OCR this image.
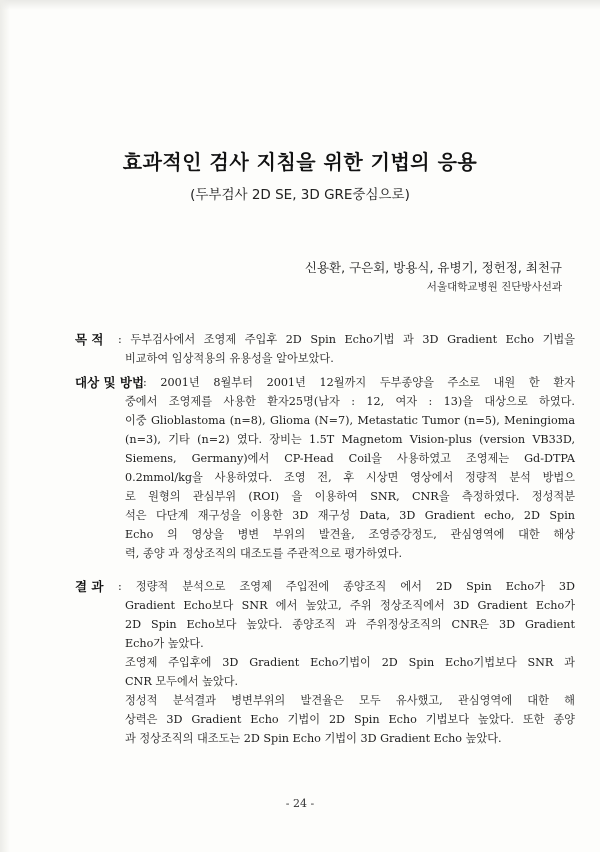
효과적인 검사 지침을 위한 기법의 응용
(두부검사 2D SE, 3D GRE중심으로)
신용환, 구은회, 방용식, 유병기, 정헌정, 최천규
서울대학교병원 진단방사선과
목 적 : 두부검사에서 조영제 주입후 2D Spin Echo기법 과 3D Gradient Echo 기법을
비교하여 임상적용의 유용성을 알아보았다.
대상 및 방법
: 2001년 8월부터 2001년 12월까지 두부종양을 주소로 내원 한 환자
중에서 조영제를 사용한 환자25명(남자 : 12, 여자 : 13)을 대상으로 하였다.
이중 Glioblastoma (n=8), Glioma (N=7), Metastatic Tumor (n=5), Meningioma
(n=3), 기타 (n=2) 였다. 장비는 1.5T Magnetom Vision-plus (version VB33D,
Siemens, Germany)에서 CP-Head Coil을 사용하였고 조영제는 Gd-DTPA
0.2mmol/kg을 사용하였다. 조영 전, 후 시상면 영상에서 정량적 분석 방법으
로 원형의 관심부위 (ROI) 을 이용하여 SNR, CNR을 측정하였다. 정성적분
석은 다단계 재구성을 이용한 3D 재구성 Data, 3D Gradient echo, 2D Spin
Echo 의 영상을 병변 부위의 발견율, 조영증강정도, 관심영역에 대한 해상
력, 종양 과 정상조직의 대조도를 주관적으로 평가하였다.
결 과 : 정량적 분석으로 조영제 주입전에 종양조직 에서 2D Spin Echo가 3D
Gradient Echo보다 SNR 에서 높았고, 주위 정상조직에서 3D Gradient Echo가
2D Spin Echo보다 높았다. 종양조직 과 주위정상조직의 CNR은 3D Gradient
Echo가 높았다.
조영제 주입후에 3D Gradient Echo기법이 2D Spin Echo기법보다 SNR 과
CNR 모두에서 높았다.
정성적 분석결과 병변부위의 발견율은 모두 유사했고, 관심영역에 대한 해
상력은 3D Gradient Echo 기법이 2D Spin Echo 기법보다 높았다. 또한 종양
과 정상조직의 대조도는 2D Spin Echo 기법이 3D Gradient Echo 높았다.
- 24 -
